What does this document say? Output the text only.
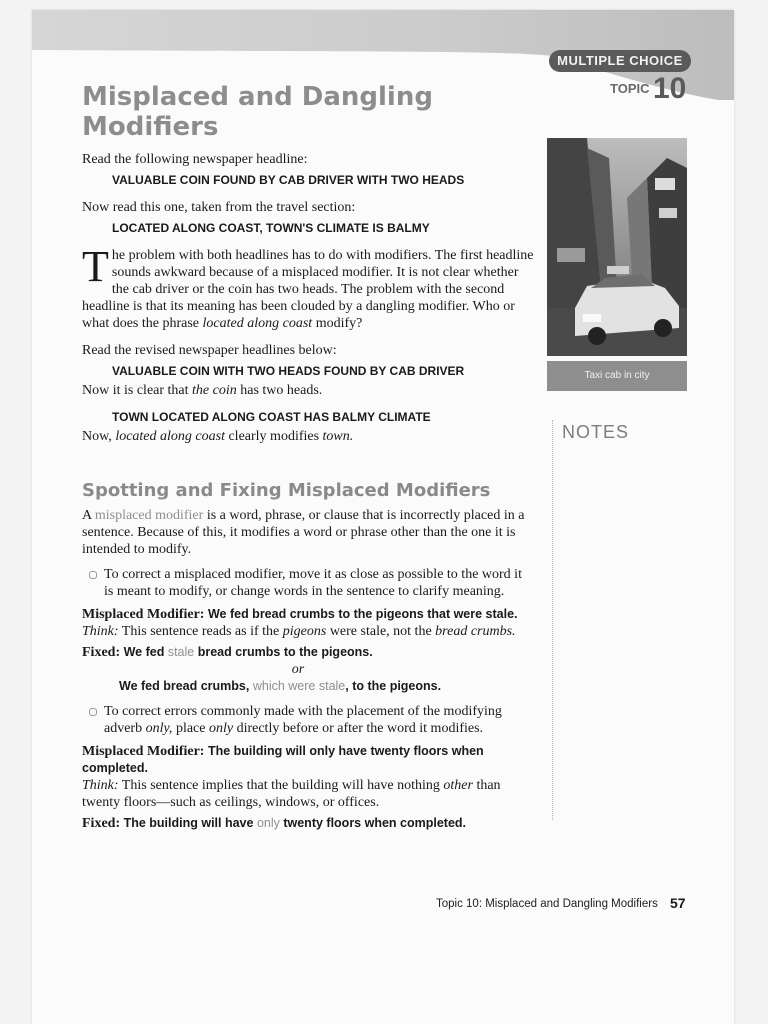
MULTIPLE CHOICE
TOPIC 10
Misplaced and Dangling
Modifiers

Read the following newspaper headline:

VALUABLE COIN FOUND BY CAB DRIVER WITH TWO HEADS

Now read this one, taken from the travel section:

LOCATED ALONG COAST, TOWN'S CLIMATE IS BALMY

The problem with both headlines has to do with modifiers. The first headline sounds awkward because of a misplaced modifier. It is not clear whether the cab driver or the coin has two heads. The problem with the second headline is that its meaning has been clouded by a dangling modifier. Who or what does the phrase located along coast modify?

Read the revised newspaper headlines below:

VALUABLE COIN WITH TWO HEADS FOUND BY CAB DRIVER

Now it is clear that the coin has two heads.

TOWN LOCATED ALONG COAST HAS BALMY CLIMATE

Now, located along coast clearly modifies town.

Spotting and Fixing Misplaced Modifiers

A misplaced modifier is a word, phrase, or clause that is incorrectly placed in a sentence. Because of this, it modifies a word or phrase other than the one it is intended to modify.

To correct a misplaced modifier, move it as close as possible to the word it is meant to modify, or change words in the sentence to clarify meaning.

Misplaced Modifier: We fed bread crumbs to the pigeons that were stale.

Think: This sentence reads as if the pigeons were stale, not the bread crumbs.

Fixed: We fed stale bread crumbs to the pigeons.

or

We fed bread crumbs, which were stale, to the pigeons.

To correct errors commonly made with the placement of the modifying adverb only, place only directly before or after the word it modifies.

Misplaced Modifier: The building will only have twenty floors when completed.

Think: This sentence implies that the building will have nothing other than twenty floors—such as ceilings, windows, or offices.

Fixed: The building will have only twenty floors when completed.

Taxi cab in city
NOTES
Topic 10: Misplaced and Dangling Modifiers 57
